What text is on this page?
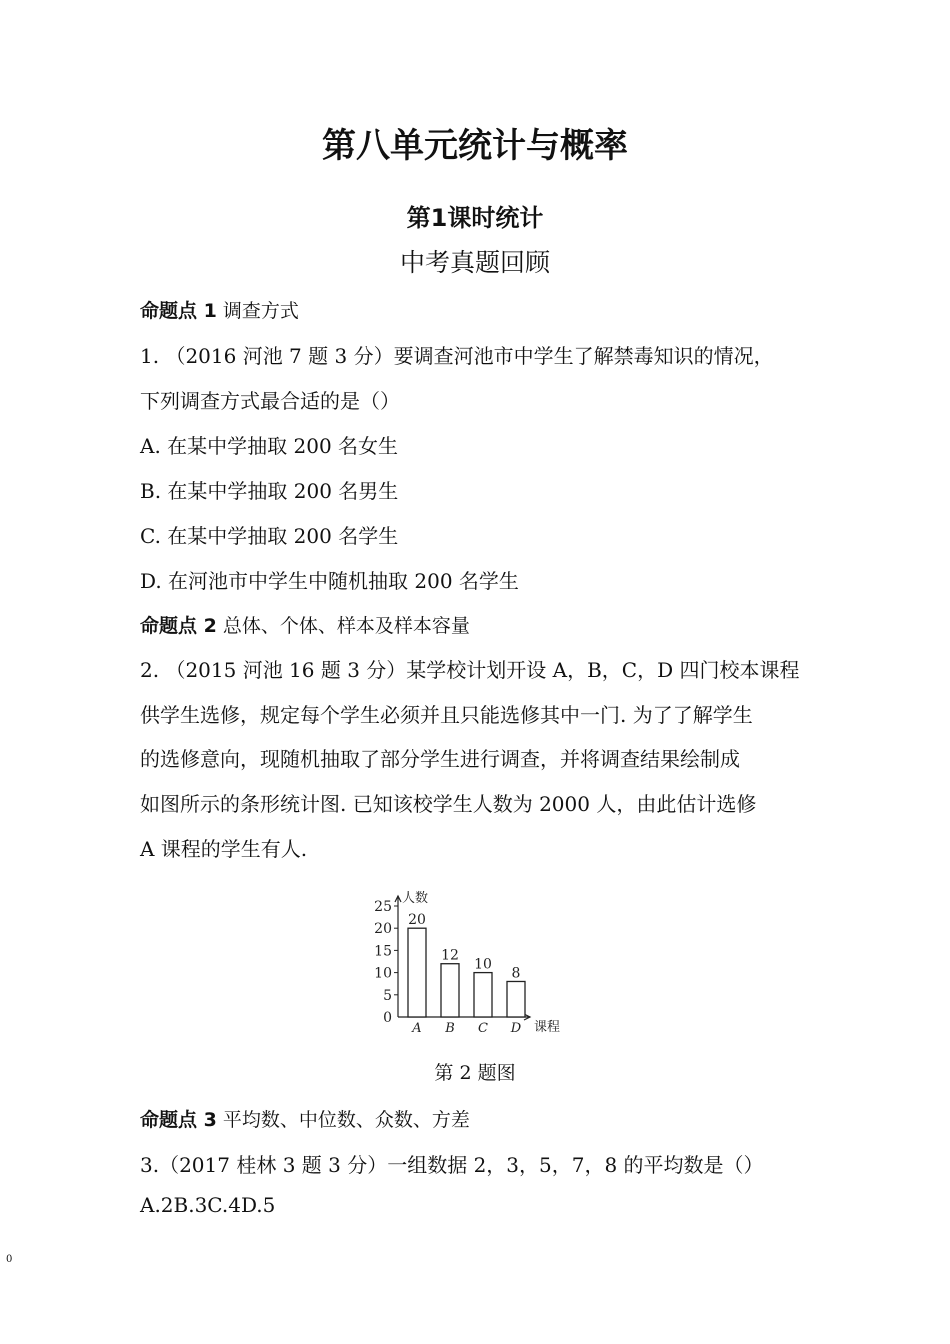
第八单元统计与概率
第1课时统计
中考真题回顾
命题点 1 调查方式
1. （2016 河池 7 题 3 分）要调查河池市中学生了解禁毒知识的情况，
下列调查方式最合适的是（）
A. 在某中学抽取 200 名女生
B. 在某中学抽取 200 名男生
C. 在某中学抽取 200 名学生
D. 在河池市中学生中随机抽取 200 名学生
命题点 2 总体、个体、样本及样本容量
2. （2015 河池 16 题 3 分）某学校计划开设 A，B，C，D 四门校本课程
供学生选修，规定每个学生必须并且只能选修其中一门. 为了了解学生
的选修意向，现随机抽取了部分学生进行调查，并将调查结果绘制成
如图所示的条形统计图. 已知该校学生人数为 2000 人，由此估计选修
A 课程的学生有人.
人数
课程
0
5
10
15
20
25
20
A
12
B
10
C
8
D
第 2 题图
命题点 3 平均数、中位数、众数、方差
3.（2017 桂林 3 题 3 分）一组数据 2，3，5，7，8 的平均数是（）
A.2B.3C.4D.5
0
